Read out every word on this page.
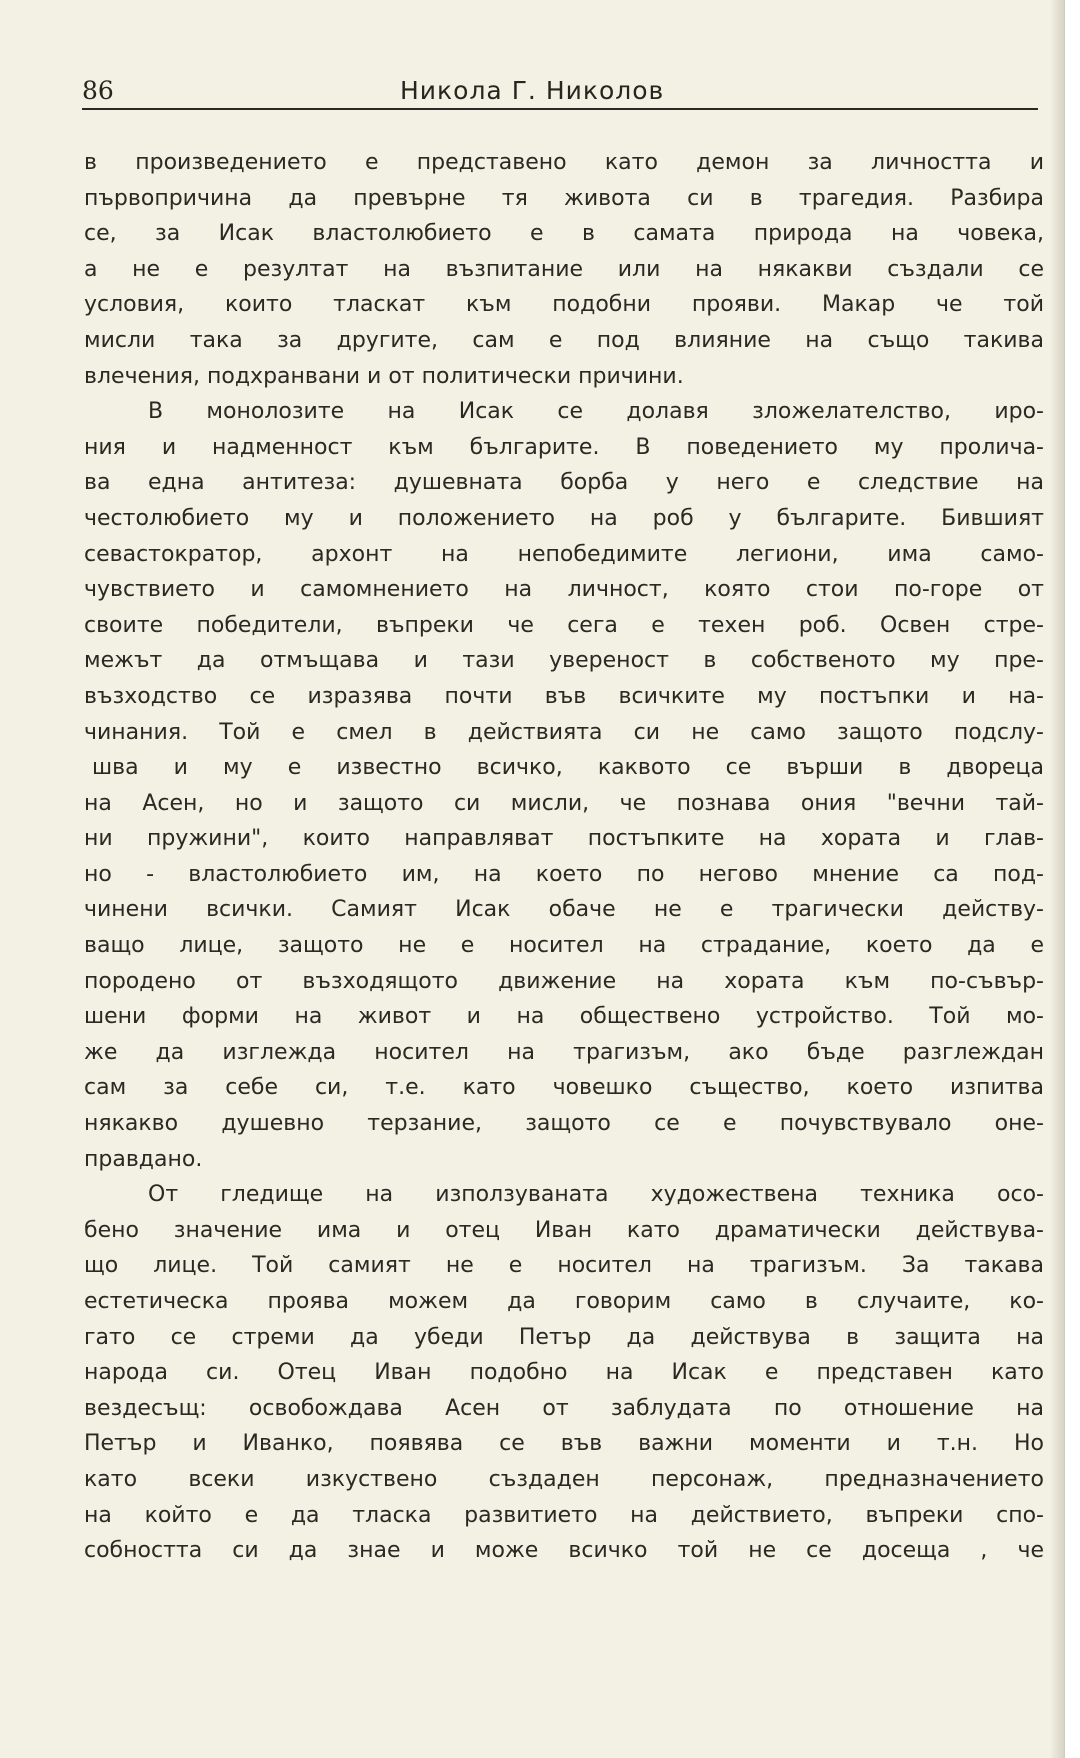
86	Никола Г. Николов
в произведението е представено като демон за личността и
първопричина да превърне тя живота си в трагедия. Разбира
се, за Исак властолюбието е в самата природа на човека,
а не е резултат на възпитание или на някакви създали се
условия, които тласкат към подобни прояви. Макар че той
мисли така за другите, сам е под влияние на също такива
влечения, подхранвани и от политически причини.
В монолозите на Исак се долавя зложелателство, иро-
ния и надменност към българите. В поведението му пролича-
ва една антитеза: душевната борба у него е следствие на
честолюбието му и положението на роб у българите. Бившият
севастократор, архонт на непобедимите легиони, има само-
чувствието и самомнението на личност, която стои по-горе от
своите победители, въпреки че сега е техен роб. Освен стре-
межът да отмъщава и тази увереност в собственото му пре-
възходство се изразява почти във всичките му постъпки и на-
чинания. Той е смел в действията си не само защото подслу-
шва и му е известно всичко, каквото се върши в двореца
на Асен, но и защото си мисли, че познава ония "вечни тай-
ни пружини", които направляват постъпките на хората и глав-
но - властолюбието им, на което по негово мнение са под-
чинени всички. Самият Исак обаче не е трагически действу-
ващо лице, защото не е носител на страдание, което да е
породено от възходящото движение на хората към по-съвър-
шени форми на живот и на обществено устройство. Той мо-
же да изглежда носител на трагизъм, ако бъде разглеждан
сам за себе си, т.е. като човешко същество, което изпитва
някакво душевно терзание, защото се е почувствувало оне-
правдано.
От гледище на използуваната художествена техника осо-
бено значение има и отец Иван като драматически действува-
що лице. Той самият не е носител на трагизъм. За такава
естетическа проява можем да говорим само в случаите, ко-
гато се стреми да убеди Петър да действува в защита на
народа си. Отец Иван подобно на Исак е представен като
вездесъщ: освобождава Асен от заблудата по отношение на
Петър и Иванко, появява се във важни моменти и т.н. Но
като всеки изкуствено създаден персонаж, предназначението
на който е да тласка развитието на действието, въпреки спо-
собността си да знае и може всичко той не се досеща , че
